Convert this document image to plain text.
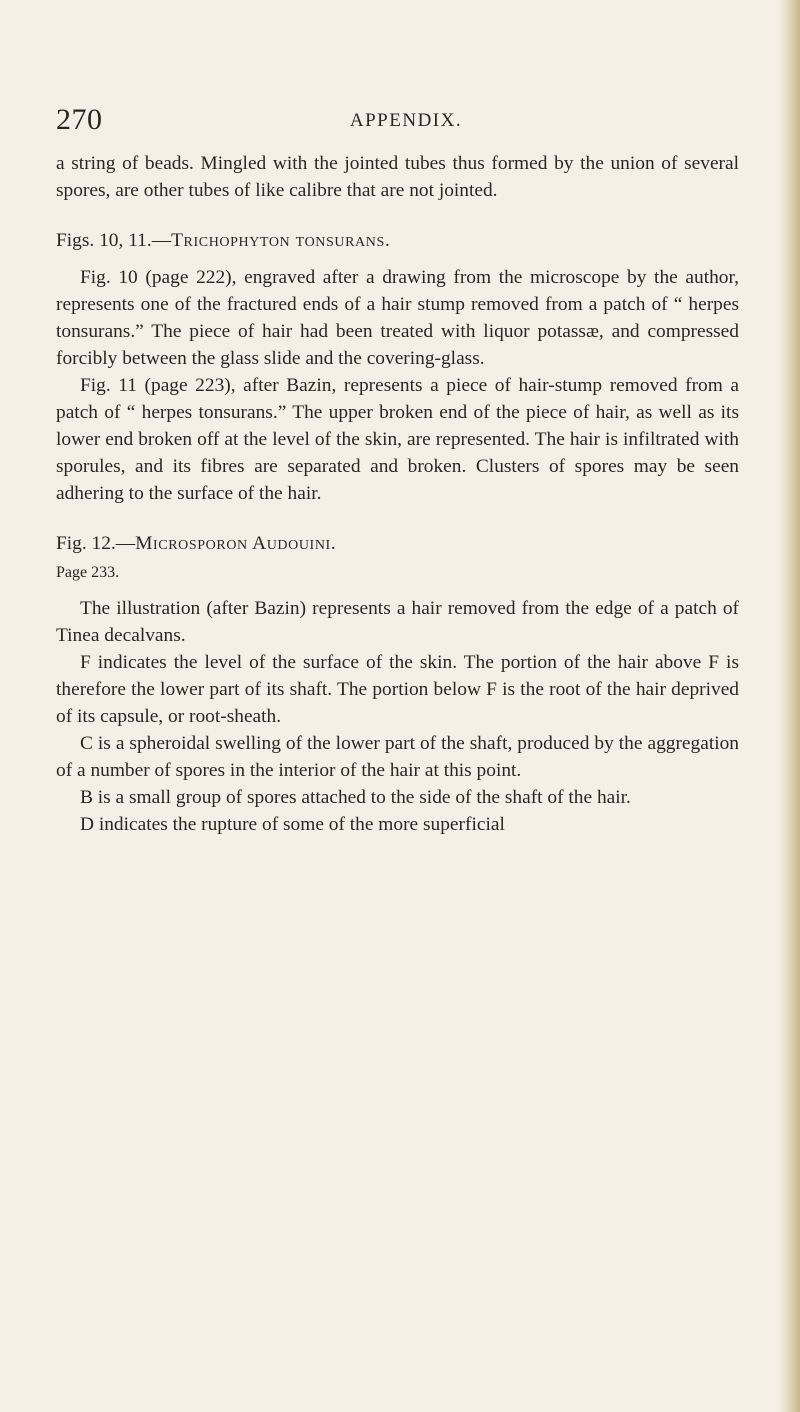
270	APPENDIX.

a string of beads. Mingled with the jointed tubes thus formed by the union of several spores, are other tubes of like calibre that are not jointed.

Figs. 10, 11.—Trichophyton tonsurans.

Fig. 10 (page 222), engraved after a drawing from the microscope by the author, represents one of the fractured ends of a hair stump removed from a patch of “ herpes tonsurans.” The piece of hair had been treated with liquor potassæ, and compressed forcibly between the glass slide and the covering-glass.

Fig. 11 (page 223), after Bazin, represents a piece of hair-stump removed from a patch of “ herpes tonsurans.” The upper broken end of the piece of hair, as well as its lower end broken off at the level of the skin, are represented. The hair is infiltrated with sporules, and its fibres are separated and broken. Clusters of spores may be seen adhering to the surface of the hair.

Fig. 12.—Microsporon Audouini.

Page 233.

The illustration (after Bazin) represents a hair removed from the edge of a patch of Tinea decalvans.

F indicates the level of the surface of the skin. The portion of the hair above F is therefore the lower part of its shaft. The portion below F is the root of the hair deprived of its capsule, or root-sheath.

C is a spheroidal swelling of the lower part of the shaft, produced by the aggregation of a number of spores in the interior of the hair at this point.

B is a small group of spores attached to the side of the shaft of the hair.

D indicates the rupture of some of the more superficial
